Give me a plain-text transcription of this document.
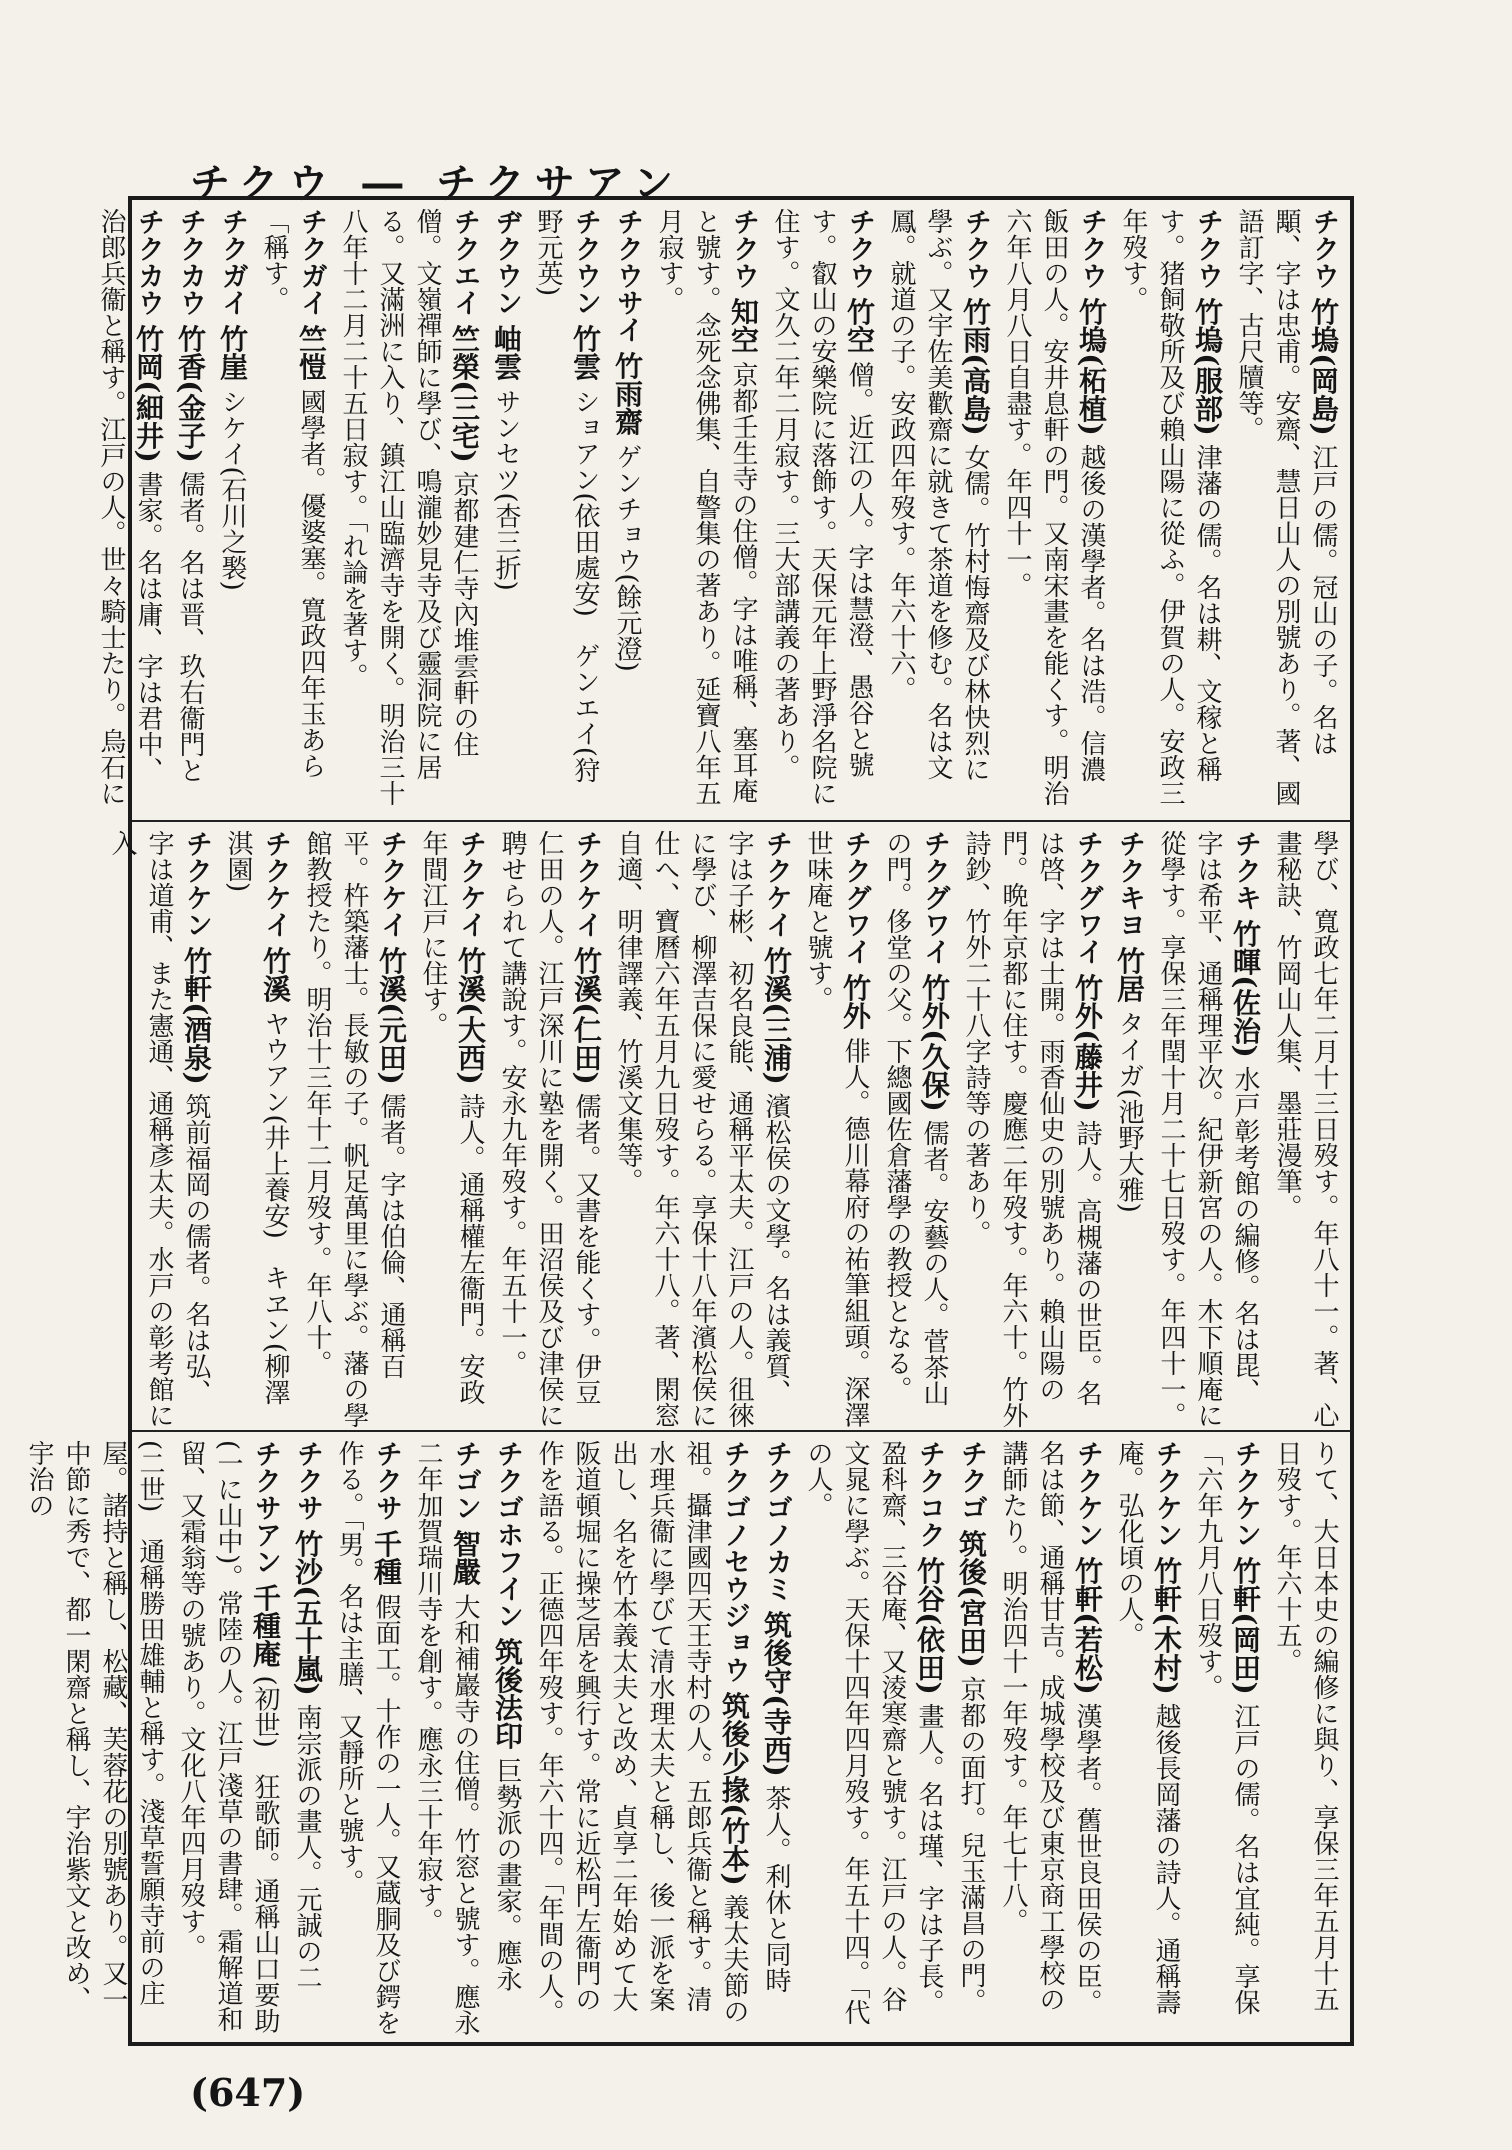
チクウ ― チクサアン
チクウ 竹塢(岡島) 江戸の儒。冠山の子。名は顒、字は忠甫。安齋、慧日山人の別號あり。著、國語訂字、古尺牘等。
チクウ 竹塢(服部) 津藩の儒。名は耕、文稼と稱す。猪飼敬所及び賴山陽に從ふ。伊賀の人。安政三年歿す。
チクウ 竹塢(柘植) 越後の漢學者。名は浩。信濃飯田の人。安井息軒の門。又南宋畫を能くす。明治六年八月八日自盡す。年四十一。
チクウ 竹雨(高島) 女儒。竹村悔齋及び林快烈に學ぶ。又宇佐美歡齋に就きて茶道を修む。名は文鳳。就道の子。安政四年歿す。年六十六。
チクウ 竹空 僧。近江の人。字は慧澄、愚谷と號す。叡山の安樂院に落飾す。天保元年上野淨名院に住す。文久二年二月寂す。三大部講義の著あり。
チクウ 知空 京都壬生寺の住僧。字は唯稱、塞耳庵と號す。念死念佛集、自警集の著あり。延寶八年五月寂す。
チクウサイ 竹雨齋 ゲンチョウ(餘元澄)
チクウン 竹雲 ショアン(依田處安)　ゲンエイ(狩野元英)
ヂクウン 岫雲 サンセツ(杏三折)
チクエイ 竺榮(三宅) 京都建仁寺內堆雲軒の住僧。文嶺禪師に學び、鳴瀧妙見寺及び靈洞院に居る。又滿洲に入り、鎮江山臨濟寺を開く。明治三十八年十二月二十五日寂す。「れ論を著す。
チクガイ 竺愷 國學者。優婆塞。寬政四年玉あら「稱す。
チクガイ 竹崖 シケイ(石川之褧)
チクカウ 竹香(金子) 儒者。名は晋、玖右衞門と
チクカウ 竹岡(細井) 書家。名は庸、字は君中、治郎兵衞と稱す。江戸の人。世々騎士たり。烏石に
學び、寬政七年二月十三日歿す。年八十一。著、心畫秘訣、竹岡山人集、墨莊漫筆。
チクキ 竹暉(佐治) 水戸彰考館の編修。名は毘、字は希平、通稱理平次。紀伊新宮の人。木下順庵に從學す。享保三年閏十月二十七日歿す。年四十一。
チクキヨ 竹居 タイガ(池野大雅)
チクグワイ 竹外(藤井) 詩人。高槻藩の世臣。名は啓、字は士開。雨香仙史の別號あり。賴山陽の門。晩年京都に住す。慶應二年歿す。年六十。竹外詩鈔、竹外二十八字詩等の著あり。
チクグワイ 竹外(久保) 儒者。安藝の人。菅茶山の門。侈堂の父。下總國佐倉藩學の教授となる。
チクグワイ 竹外 俳人。德川幕府の祐筆組頭。深澤世味庵と號す。
チクケイ 竹溪(三浦) 濱松侯の文學。名は義質、字は子彬、初名良能、通稱平太夫。江戸の人。徂徠に學び、柳澤吉保に愛せらる。享保十八年濱松侯に仕へ、寶曆六年五月九日歿す。年六十八。著、閑窓自適、明律譯義、竹溪文集等。
チクケイ 竹溪(仁田) 儒者。又書を能くす。伊豆仁田の人。江戸深川に塾を開く。田沼侯及び津侯に聘せられて講說す。安永九年歿す。年五十一。
チクケイ 竹溪(大西) 詩人。通稱權左衞門。安政年間江戸に住す。
チクケイ 竹溪(元田) 儒者。字は伯倫、通稱百平。杵築藩士。長敏の子。帆足萬里に學ぶ。藩の學館教授たり。明治十三年十二月歿す。年八十。
チクケイ 竹溪 ヤウアン(井上養安)　キヱン(柳澤淇園)
チクケン 竹軒(酒泉) 筑前福岡の儒者。名は弘、字は道甫、また憲通、通稱彥太夫。水戸の彰考館に入
りて、大日本史の編修に與り、享保三年五月十五日歿す。年六十五。
チクケン 竹軒(岡田) 江戸の儒。名は宜純。享保「六年九月八日歿す。
チクケン 竹軒(木村) 越後長岡藩の詩人。通稱壽庵。弘化頃の人。
チクケン 竹軒(若松) 漢學者。舊世良田侯の臣。名は節、通稱甘吉。成城學校及び東京商工學校の講師たり。明治四十一年歿す。年七十八。
チクゴ 筑後(宮田) 京都の面打。兒玉滿昌の門。
チクコク 竹谷(依田) 畫人。名は瑾、字は子長。盈科齋、三谷庵、又淩寒齋と號す。江戸の人。谷文晁に學ぶ。天保十四年四月歿す。年五十四。「代の人。
チクゴノカミ 筑後守(寺西) 茶人。利休と同時
チクゴノセウジョウ 筑後少掾(竹本) 義太夫節の祖。攝津國四天王寺村の人。五郎兵衞と稱す。清水理兵衞に學びて清水理太夫と稱し、後一派を案出し、名を竹本義太夫と改め、貞享二年始めて大阪道頓堀に操芝居を興行す。常に近松門左衞門の作を語る。正德四年歿す。年六十四。「年間の人。
チクゴホフイン 筑後法印 巨勢派の畫家。應永
チゴン 智嚴 大和補巖寺の住僧。竹窓と號す。應永二年加賀瑞川寺を創す。應永三十年寂す。
チクサ 千種 假面工。十作の一人。又蔵胴及び鍔を作る。「男。名は主膳、又靜所と號す。
チクサ 竹沙(五十嵐) 南宗派の畫人。元誠の二
チクサアン 千種庵 (初世)　狂歌師。通稱山口要助(一に山中)。常陸の人。江戸淺草の書肆。霜解道和留、又霜翁等の號あり。文化八年四月歿す。
(二世)　通稱勝田雄輔と稱す。淺草誓願寺前の庄屋。諸持と稱し、松藏、芙蓉花の別號あり。又一中節に秀で、都一閑齋と稱し、宇治紫文と改め、宇治の
(647)
